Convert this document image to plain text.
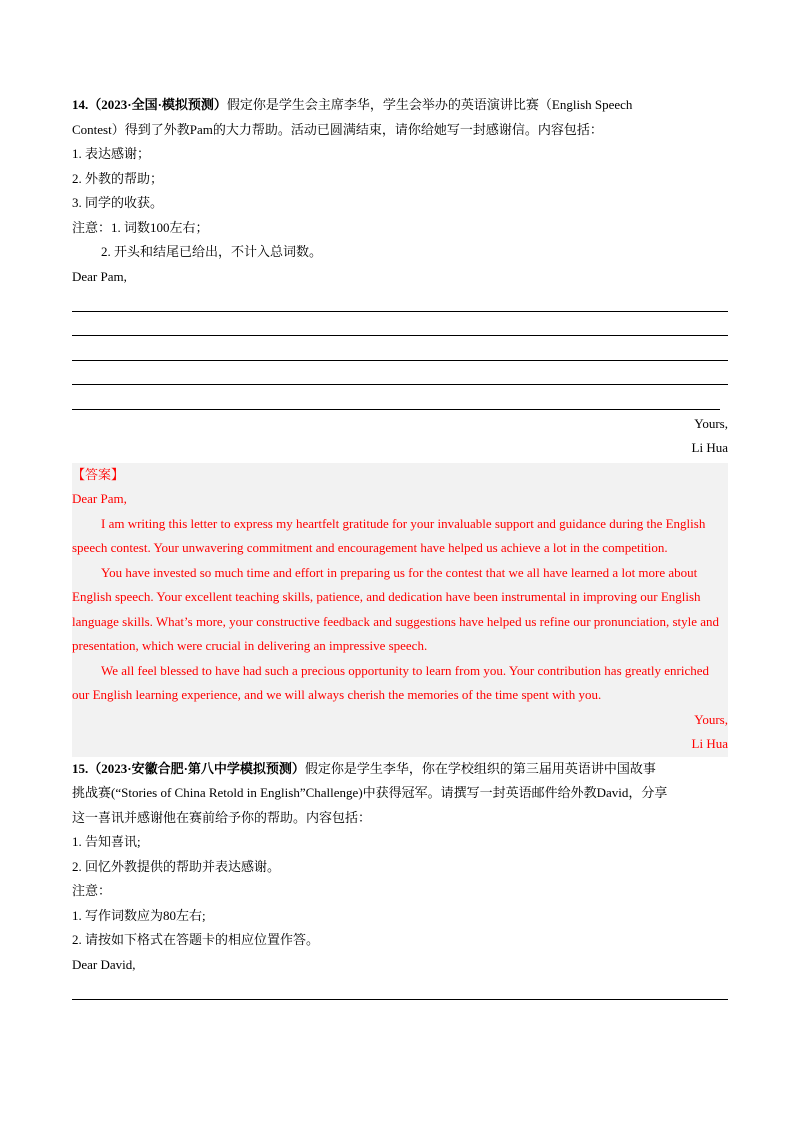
14.（2023·全国·模拟预测）假定你是学生会主席李华，学生会举办的英语演讲比赛（English Speech
Contest）得到了外教Pam的大力帮助。活动已圆满结束，请你给她写一封感谢信。内容包括：
1. 表达感谢；
2. 外教的帮助；
3. 同学的收获。
注意：1. 词数100左右；
2. 开头和结尾已给出，不计入总词数。
Dear Pam,
Yours,
Li Hua
【答案】
Dear Pam,
I am writing this letter to express my heartfelt gratitude for your invaluable support and guidance during the English speech contest. Your unwavering commitment and encouragement have helped us achieve a lot in the competition.
You have invested so much time and effort in preparing us for the contest that we all have learned a lot more about English speech. Your excellent teaching skills, patience, and dedication have been instrumental in improving our English language skills. What’s more, your constructive feedback and suggestions have helped us refine our pronunciation, style and presentation, which were crucial in delivering an impressive speech.
We all feel blessed to have had such a precious opportunity to learn from you. Your contribution has greatly enriched our English learning experience, and we will always cherish the memories of the time spent with you.
Yours,
Li Hua
15.（2023·安徽合肥·第八中学模拟预测）假定你是学生李华，你在学校组织的第三届用英语讲中国故事
挑战赛(“Stories of China Retold in English”Challenge)中获得冠军。请撰写一封英语邮件给外教David，分享
这一喜讯并感谢他在赛前给予你的帮助。内容包括：
1. 告知喜讯;
2. 回忆外教提供的帮助并表达感谢。
注意：
1. 写作词数应为80左右;
2. 请按如下格式在答题卡的相应位置作答。
Dear David,
